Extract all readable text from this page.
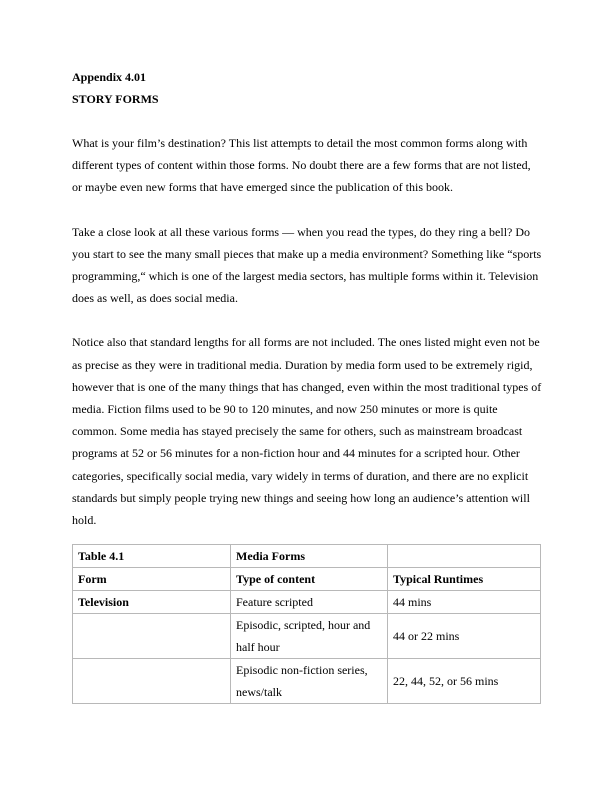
Appendix 4.01

STORY FORMS

What is your film’s destination? This list attempts to detail the most common forms along with different types of content within those forms. No doubt there are a few forms that are not listed, or maybe even new forms that have emerged since the publication of this book.

Take a close look at all these various forms — when you read the types, do they ring a bell? Do you start to see the many small pieces that make up a media environment? Something like “sports programming,“ which is one of the largest media sectors, has multiple forms within it. Television does as well, as does social media.

Notice also that standard lengths for all forms are not included. The ones listed might even not be as precise as they were in traditional media. Duration by media form used to be extremely rigid, however that is one of the many things that has changed, even within the most traditional types of media. Fiction films used to be 90 to 120 minutes, and now 250 minutes or more is quite common. Some media has stayed precisely the same for others, such as mainstream broadcast programs at 52 or 56 minutes for a non-fiction hour and 44 minutes for a scripted hour. Other categories, specifically social media, vary widely in terms of duration, and there are no explicit standards but simply people trying new things and seeing how long an audience’s attention will hold.

Table 4.1	Media Forms	
Form	Type of content	Typical Runtimes
Television	Feature scripted	44 mins
	Episodic, scripted, hour and half hour	44 or 22 mins
	Episodic non-fiction series, news/talk	22, 44, 52, or 56 mins
